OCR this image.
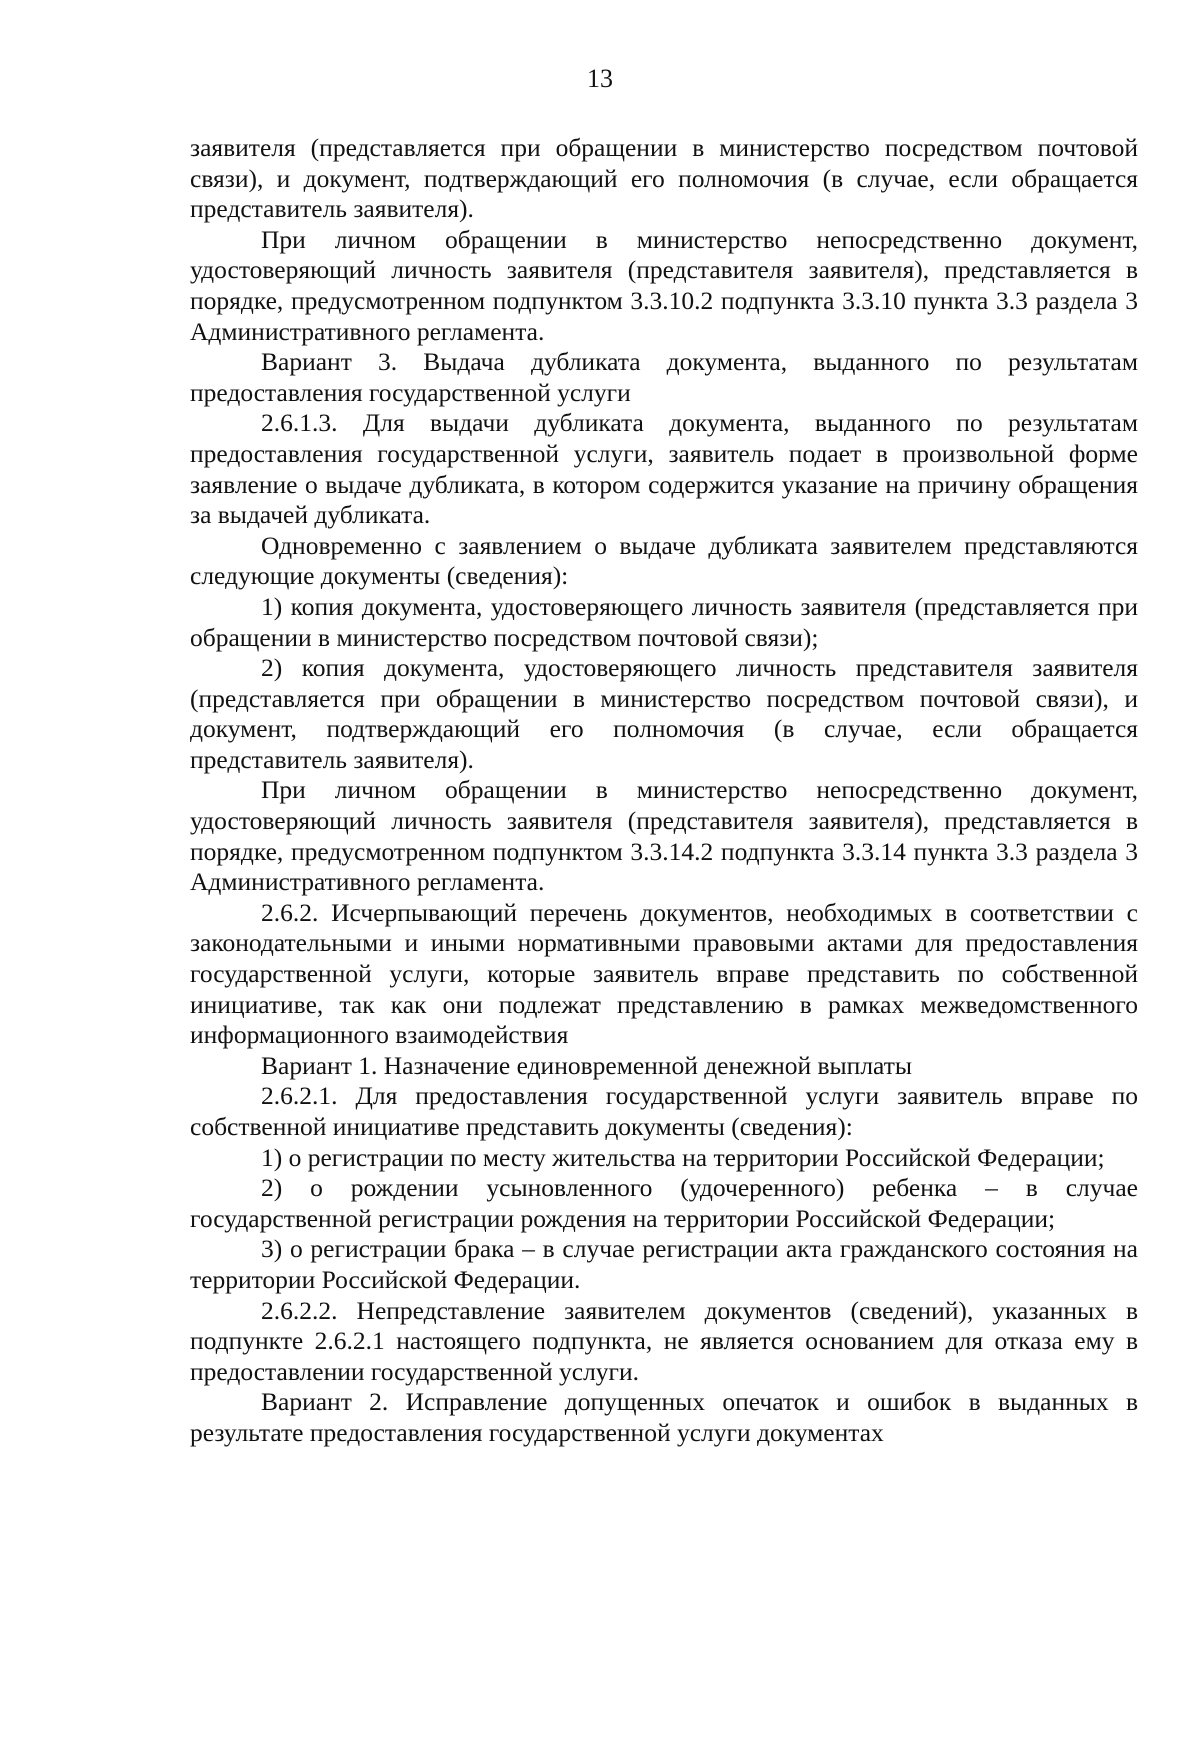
13

заявителя (представляется при обращении в министерство посредством почтовой связи), и документ, подтверждающий его полномочия (в случае, если обращается представитель заявителя).

При личном обращении в министерство непосредственно документ, удостоверяющий личность заявителя (представителя заявителя), представляется в порядке, предусмотренном подпунктом 3.3.10.2 подпункта 3.3.10 пункта 3.3 раздела 3 Административного регламента.

Вариант 3. Выдача дубликата документа, выданного по результатам предоставления государственной услуги

2.6.1.3. Для выдачи дубликата документа, выданного по результатам предоставления государственной услуги, заявитель подает в произвольной форме заявление о выдаче дубликата, в котором содержится указание на причину обращения за выдачей дубликата.

Одновременно с заявлением о выдаче дубликата заявителем представляются следующие документы (сведения):

1) копия документа, удостоверяющего личность заявителя (представляется при обращении в министерство посредством почтовой связи);

2) копия документа, удостоверяющего личность представителя заявителя (представляется при обращении в министерство посредством почтовой связи), и документ, подтверждающий его полномочия (в случае, если обращается представитель заявителя).

При личном обращении в министерство непосредственно документ, удостоверяющий личность заявителя (представителя заявителя), представляется в порядке, предусмотренном подпунктом 3.3.14.2 подпункта 3.3.14 пункта 3.3 раздела 3 Административного регламента.

2.6.2. Исчерпывающий перечень документов, необходимых в соответствии с законодательными и иными нормативными правовыми актами для предоставления государственной услуги, которые заявитель вправе представить по собственной инициативе, так как они подлежат представлению в рамках межведомственного информационного взаимодействия

Вариант 1. Назначение единовременной денежной выплаты

2.6.2.1. Для предоставления государственной услуги заявитель вправе по собственной инициативе представить документы (сведения):

1) о регистрации по месту жительства на территории Российской Федерации;

2) о рождении усыновленного (удочеренного) ребенка – в случае государственной регистрации рождения на территории Российской Федерации;

3) о регистрации брака – в случае регистрации акта гражданского состояния на территории Российской Федерации.

2.6.2.2. Непредставление заявителем документов (сведений), указанных в подпункте 2.6.2.1 настоящего подпункта, не является основанием для отказа ему в предоставлении государственной услуги.

Вариант 2. Исправление допущенных опечаток и ошибок в выданных в результате предоставления государственной услуги документах
